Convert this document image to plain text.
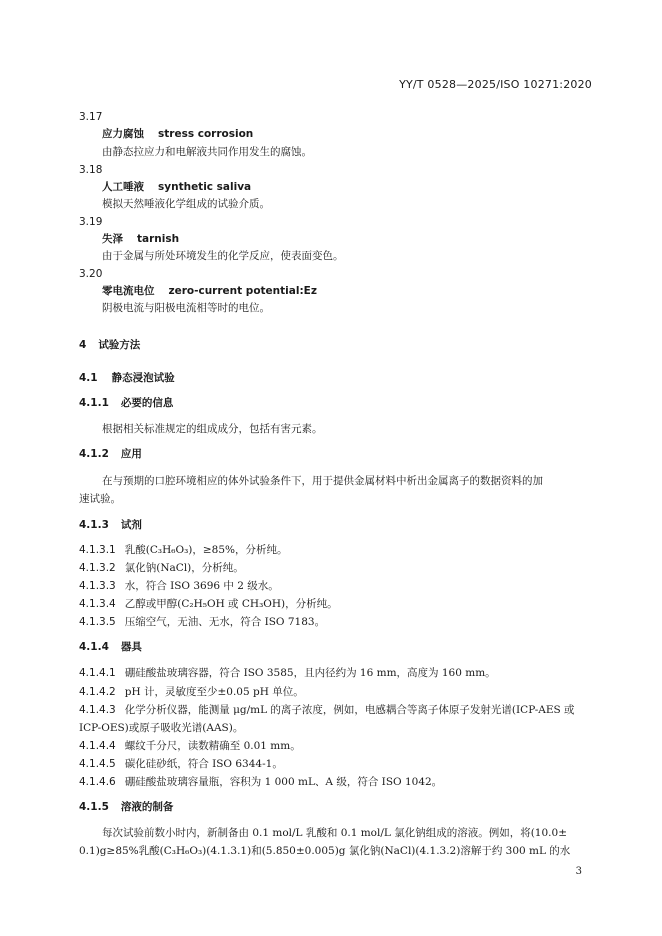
YY/T 0528—2025/ISO 10271:2020
3.17
应力腐蚀 stress corrosion
由静态拉应力和电解液共同作用发生的腐蚀。
3.18
人工唾液 synthetic saliva
模拟天然唾液化学组成的试验介质。
3.19
失泽 tarnish
由于金属与所处环境发生的化学反应，使表面变色。
3.20
零电流电位 zero-current potential:Ez
阴极电流与阳极电流相等时的电位。
4 试验方法
4.1 静态浸泡试验
4.1.1 必要的信息
根据相关标准规定的组成成分，包括有害元素。
4.1.2 应用
在与预期的口腔环境相应的体外试验条件下，用于提供金属材料中析出金属离子的数据资料的加
速试验。
4.1.3 试剂
4.1.3.1 乳酸(C₃H₆O₃)，≥85%，分析纯。
4.1.3.2 氯化钠(NaCl)，分析纯。
4.1.3.3 水，符合 ISO 3696 中 2 级水。
4.1.3.4 乙醇或甲醇(C₂H₅OH 或 CH₃OH)，分析纯。
4.1.3.5 压缩空气，无油、无水，符合 ISO 7183。
4.1.4 器具
4.1.4.1 硼硅酸盐玻璃容器，符合 ISO 3585，且内径约为 16 mm，高度为 160 mm。
4.1.4.2 pH 计，灵敏度至少±0.05 pH 单位。
4.1.4.3 化学分析仪器，能测量 μg/mL 的离子浓度，例如，电感耦合等离子体原子发射光谱(ICP-AES 或
ICP-OES)或原子吸收光谱(AAS)。
4.1.4.4 螺纹千分尺，读数精确至 0.01 mm。
4.1.4.5 碳化硅砂纸，符合 ISO 6344-1。
4.1.4.6 硼硅酸盐玻璃容量瓶，容积为 1 000 mL、A 级，符合 ISO 1042。
4.1.5 溶液的制备
每次试验前数小时内，新制备由 0.1 mol/L 乳酸和 0.1 mol/L 氯化钠组成的溶液。例如，将(10.0±
0.1)g≥85%乳酸(C₃H₆O₃)(4.1.3.1)和(5.850±0.005)g 氯化钠(NaCl)(4.1.3.2)溶解于约 300 mL 的水
3
